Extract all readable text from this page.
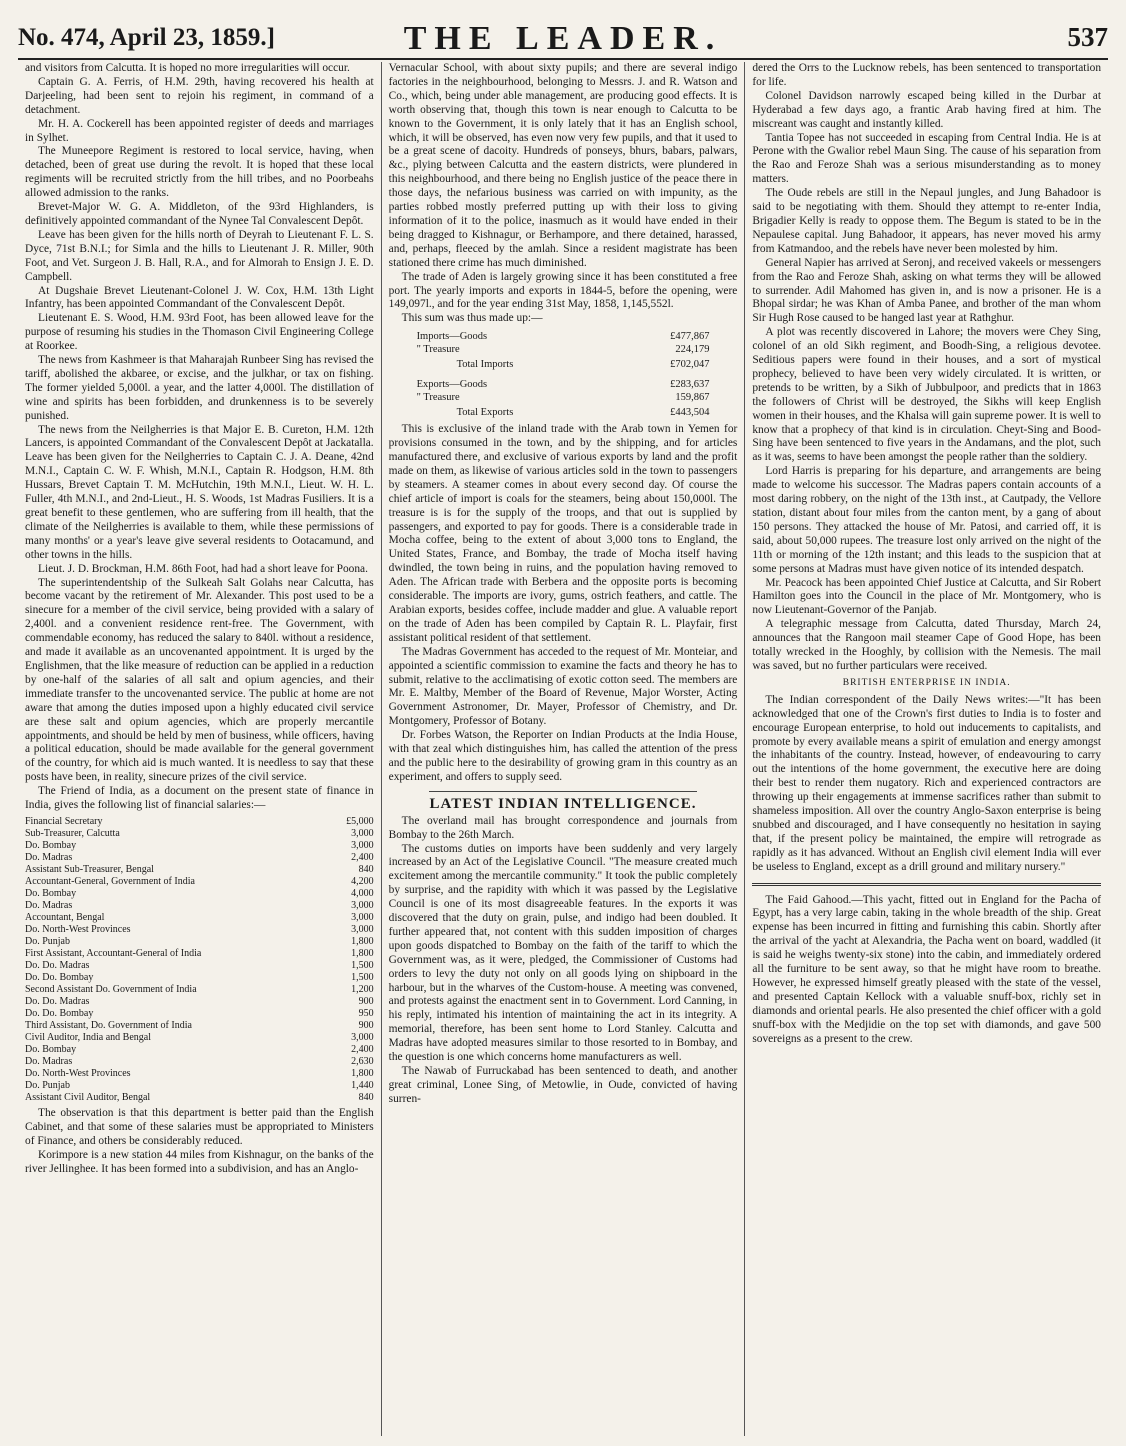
No. 474, April 23, 1859.]	THE LEADER.	537

and visitors from Calcutta. It is hoped no more irregularities will occur.

Captain G. A. Ferris, of H.M. 29th, having recovered his health at Darjeeling, had been sent to rejoin his regiment, in command of a detachment.

Mr. H. A. Cockerell has been appointed register of deeds and marriages in Sylhet.

The Muneepore Regiment is restored to local service, having, when detached, been of great use during the revolt. It is hoped that these local regiments will be recruited strictly from the hill tribes, and no Poorbeahs allowed admission to the ranks.

Brevet-Major W. G. A. Middleton, of the 93rd Highlanders, is definitively appointed commandant of the Nynee Tal Convalescent Depôt.

Leave has been given for the hills north of Deyrah to Lieutenant F. L. S. Dyce, 71st B.N.I.; for Simla and the hills to Lieutenant J. R. Miller, 90th Foot, and Vet. Surgeon J. B. Hall, R.A., and for Almorah to Ensign J. E. D. Campbell.

At Dugshaie Brevet Lieutenant-Colonel J. W. Cox, H.M. 13th Light Infantry, has been appointed Commandant of the Convalescent Depôt.

Lieutenant E. S. Wood, H.M. 93rd Foot, has been allowed leave for the purpose of resuming his studies in the Thomason Civil Engineering College at Roorkee.

The news from Kashmeer is that Maharajah Runbeer Sing has revised the tariff, abolished the akbaree, or excise, and the julkhar, or tax on fishing. The former yielded 5,000l. a year, and the latter 4,000l. The distillation of wine and spirits has been forbidden, and drunkenness is to be severely punished.

The news from the Neilgherries is that Major E. B. Cureton, H.M. 12th Lancers, is appointed Commandant of the Convalescent Depôt at Jackatalla. Leave has been given for the Neilgherries to Captain C. J. A. Deane, 42nd M.N.I., Captain C. W. F. Whish, M.N.I., Captain R. Hodgson, H.M. 8th Hussars, Brevet Captain T. M. McHutchin, 19th M.N.I., Lieut. W. H. L. Fuller, 4th M.N.I., and 2nd-Lieut., H. S. Woods, 1st Madras Fusiliers. It is a great benefit to these gentlemen, who are suffering from ill health, that the climate of the Neilgherries is available to them, while these permissions of many months' or a year's leave give several residents to Ootacamund, and other towns in the hills.

Lieut. J. D. Brockman, H.M. 86th Foot, had had a short leave for Poona.

The superintendentship of the Sulkeah Salt Golahs near Calcutta, has become vacant by the retirement of Mr. Alexander. This post used to be a sinecure for a member of the civil service, being provided with a salary of 2,400l. and a convenient residence rent-free. The Government, with commendable economy, has reduced the salary to 840l. without a residence, and made it available as an uncovenanted appointment. It is urged by the Englishmen, that the like measure of reduction can be applied in a reduction by one-half of the salaries of all salt and opium agencies, and their immediate transfer to the uncovenanted service. The public at home are not aware that among the duties imposed upon a highly educated civil service are these salt and opium agencies, which are properly mercantile appointments, and should be held by men of business, while officers, having a political education, should be made available for the general government of the country, for which aid is much wanted. It is needless to say that these posts have been, in reality, sinecure prizes of the civil service.

The Friend of India, as a document on the present state of finance in India, gives the following list of financial salaries:—

Financial Secretary	£5,000
Sub-Treasurer, Calcutta	3,000
Do. Bombay	3,000
Do. Madras	2,400
Assistant Sub-Treasurer, Bengal	840
Accountant-General, Government of India	4,200
Do. Bombay	4,000
Do. Madras	3,000
Accountant, Bengal	3,000
Do. North-West Provinces	3,000
Do. Punjab	1,800
First Assistant, Accountant-General of India	1,800
Do. Do. Madras	1,500
Do. Do. Bombay	1,500
Second Assistant Do. Government of India	1,200
Do. Do. Madras	900
Do. Do. Bombay	950
Third Assistant, Do. Government of India	900
Civil Auditor, India and Bengal	3,000
Do. Bombay	2,400
Do. Madras	2,630
Do. North-West Provinces	1,800
Do. Punjab	1,440
Assistant Civil Auditor, Bengal	840

The observation is that this department is better paid than the English Cabinet, and that some of these salaries must be appropriated to Ministers of Finance, and others be considerably reduced.

Korimpore is a new station 44 miles from Kishnagur, on the banks of the river Jellinghee. It has been formed into a subdivision, and has an Anglo-

Vernacular School, with about sixty pupils; and there are several indigo factories in the neighbourhood, belonging to Messrs. J. and R. Watson and Co., which, being under able management, are producing good effects. It is worth observing that, though this town is near enough to Calcutta to be known to the Government, it is only lately that it has an English school, which, it will be observed, has even now very few pupils, and that it used to be a great scene of dacoity. Hundreds of ponseys, bhurs, babars, palwars, &c., plying between Calcutta and the eastern districts, were plundered in this neighbourhood, and there being no English justice of the peace there in those days, the nefarious business was carried on with impunity, as the parties robbed mostly preferred putting up with their loss to giving information of it to the police, inasmuch as it would have ended in their being dragged to Kishnagur, or Berhampore, and there detained, harassed, and, perhaps, fleeced by the amlah. Since a resident magistrate has been stationed there crime has much diminished.

The trade of Aden is largely growing since it has been constituted a free port. The yearly imports and exports in 1844-5, before the opening, were 149,097l., and for the year ending 31st May, 1858, 1,145,552l.

This sum was thus made up:—

Imports—Goods	£477,867
" Treasure	224,179
Total Imports	£702,047

Exports—Goods	£283,637
" Treasure	159,867
Total Exports	£443,504

This is exclusive of the inland trade with the Arab town in Yemen for provisions consumed in the town, and by the shipping, and for articles manufactured there, and exclusive of various exports by land and the profit made on them, as likewise of various articles sold in the town to passengers by steamers. A steamer comes in about every second day. Of course the chief article of import is coals for the steamers, being about 150,000l. The treasure is is for the supply of the troops, and that out is supplied by passengers, and exported to pay for goods. There is a considerable trade in Mocha coffee, being to the extent of about 3,000 tons to England, the United States, France, and Bombay, the trade of Mocha itself having dwindled, the town being in ruins, and the population having removed to Aden. The African trade with Berbera and the opposite ports is becoming considerable. The imports are ivory, gums, ostrich feathers, and cattle. The Arabian exports, besides coffee, include madder and glue. A valuable report on the trade of Aden has been compiled by Captain R. L. Playfair, first assistant political resident of that settlement.

The Madras Government has acceded to the request of Mr. Monteiar, and appointed a scientific commission to examine the facts and theory he has to submit, relative to the acclimatising of exotic cotton seed. The members are Mr. E. Maltby, Member of the Board of Revenue, Major Worster, Acting Government Astronomer, Dr. Mayer, Professor of Chemistry, and Dr. Montgomery, Professor of Botany.

Dr. Forbes Watson, the Reporter on Indian Products at the India House, with that zeal which distinguishes him, has called the attention of the press and the public here to the desirability of growing gram in this country as an experiment, and offers to supply seed.

LATEST INDIAN INTELLIGENCE.

The overland mail has brought correspondence and journals from Bombay to the 26th March.

The customs duties on imports have been suddenly and very largely increased by an Act of the Legislative Council. "The measure created much excitement among the mercantile community." It took the public completely by surprise, and the rapidity with which it was passed by the Legislative Council is one of its most disagreeable features. In the exports it was discovered that the duty on grain, pulse, and indigo had been doubled. It further appeared that, not content with this sudden imposition of charges upon goods dispatched to Bombay on the faith of the tariff to which the Government was, as it were, pledged, the Commissioner of Customs had orders to levy the duty not only on all goods lying on shipboard in the harbour, but in the wharves of the Custom-house. A meeting was convened, and protests against the enactment sent in to Government. Lord Canning, in his reply, intimated his intention of maintaining the act in its integrity. A memorial, therefore, has been sent home to Lord Stanley. Calcutta and Madras have adopted measures similar to those resorted to in Bombay, and the question is one which concerns home manufacturers as well.

The Nawab of Furruckabad has been sentenced to death, and another great criminal, Lonee Sing, of Metowlie, in Oude, convicted of having surren-

dered the Orrs to the Lucknow rebels, has been sentenced to transportation for life.

Colonel Davidson narrowly escaped being killed in the Durbar at Hyderabad a few days ago, a frantic Arab having fired at him. The miscreant was caught and instantly killed.

Tantia Topee has not succeeded in escaping from Central India. He is at Perone with the Gwalior rebel Maun Sing. The cause of his separation from the Rao and Feroze Shah was a serious misunderstanding as to money matters.

The Oude rebels are still in the Nepaul jungles, and Jung Bahadoor is said to be negotiating with them. Should they attempt to re-enter India, Brigadier Kelly is ready to oppose them. The Begum is stated to be in the Nepaulese capital. Jung Bahadoor, it appears, has never moved his army from Katmandoo, and the rebels have never been molested by him.

General Napier has arrived at Seronj, and received vakeels or messengers from the Rao and Feroze Shah, asking on what terms they will be allowed to surrender. Adil Mahomed has given in, and is now a prisoner. He is a Bhopal sirdar; he was Khan of Amba Panee, and brother of the man whom Sir Hugh Rose caused to be hanged last year at Rathghur.

A plot was recently discovered in Lahore; the movers were Chey Sing, colonel of an old Sikh regiment, and Boodh-Sing, a religious devotee. Seditious papers were found in their houses, and a sort of mystical prophecy, believed to have been very widely circulated. It is written, or pretends to be written, by a Sikh of Jubbulpoor, and predicts that in 1863 the followers of Christ will be destroyed, the Sikhs will keep English women in their houses, and the Khalsa will gain supreme power. It is well to know that a prophecy of that kind is in circulation. Cheyt-Sing and Bood-Sing have been sentenced to five years in the Andamans, and the plot, such as it was, seems to have been amongst the people rather than the soldiery.

Lord Harris is preparing for his departure, and arrangements are being made to welcome his successor. The Madras papers contain accounts of a most daring robbery, on the night of the 13th inst., at Cautpady, the Vellore station, distant about four miles from the canton ment, by a gang of about 150 persons. They attacked the house of Mr. Patosi, and carried off, it is said, about 50,000 rupees. The treasure lost only arrived on the night of the 11th or morning of the 12th instant; and this leads to the suspicion that at some persons at Madras must have given notice of its intended despatch.

Mr. Peacock has been appointed Chief Justice at Calcutta, and Sir Robert Hamilton goes into the Council in the place of Mr. Montgomery, who is now Lieutenant-Governor of the Panjab.

A telegraphic message from Calcutta, dated Thursday, March 24, announces that the Rangoon mail steamer Cape of Good Hope, has been totally wrecked in the Hooghly, by collision with the Nemesis. The mail was saved, but no further particulars were received.

BRITISH ENTERPRISE IN INDIA.

The Indian correspondent of the Daily News writes:—"It has been acknowledged that one of the Crown's first duties to India is to foster and encourage European enterprise, to hold out inducements to capitalists, and promote by every available means a spirit of emulation and energy amongst the inhabitants of the country. Instead, however, of endeavouring to carry out the intentions of the home government, the executive here are doing their best to render them nugatory. Rich and experienced contractors are throwing up their engagements at immense sacrifices rather than submit to shameless imposition. All over the country Anglo-Saxon enterprise is being snubbed and discouraged, and I have consequently no hesitation in saying that, if the present policy be maintained, the empire will retrograde as rapidly as it has advanced. Without an English civil element India will ever be useless to England, except as a drill ground and military nursery."

The Faid Gahood.—This yacht, fitted out in England for the Pacha of Egypt, has a very large cabin, taking in the whole breadth of the ship. Great expense has been incurred in fitting and furnishing this cabin. Shortly after the arrival of the yacht at Alexandria, the Pacha went on board, waddled (it is said he weighs twenty-six stone) into the cabin, and immediately ordered all the furniture to be sent away, so that he might have room to breathe. However, he expressed himself greatly pleased with the state of the vessel, and presented Captain Kellock with a valuable snuff-box, richly set in diamonds and oriental pearls. He also presented the chief officer with a gold snuff-box with the Medjidie on the top set with diamonds, and gave 500 sovereigns as a present to the crew.
